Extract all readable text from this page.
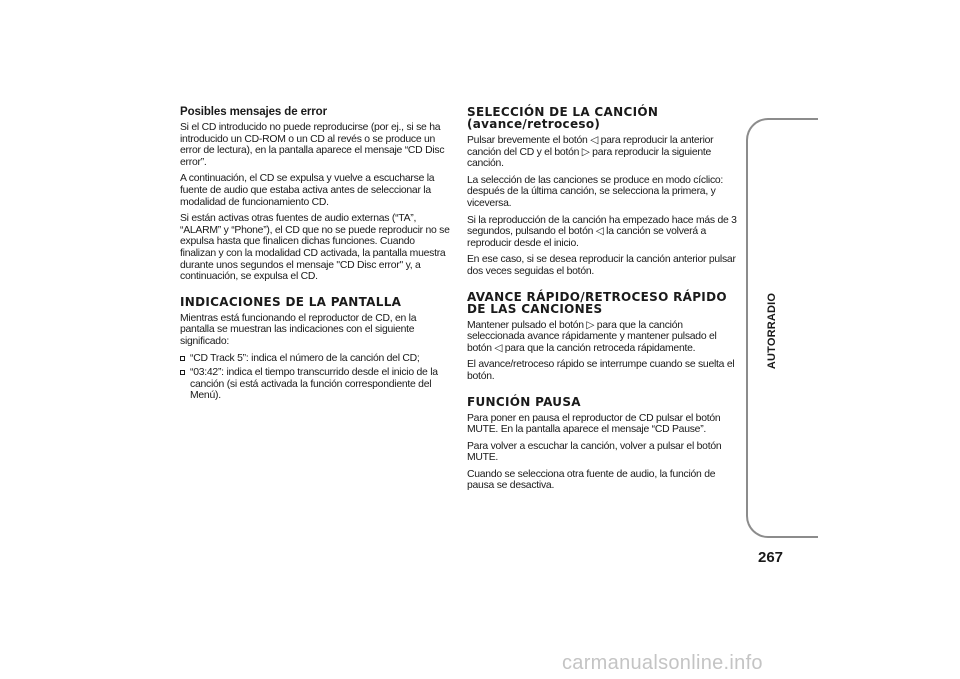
Posibles mensajes de error

Si el CD introducido no puede reproducirse (por ej., si se ha introducido un CD-ROM o un CD al revés o se produce un error de lectura), en la pantalla aparece el mensaje “CD Disc error”.

A continuación, el CD se expulsa y vuelve a escucharse la fuente de audio que estaba activa antes de seleccionar la modalidad de funcionamiento CD.

Si están activas otras fuentes de audio externas (“TA”, “ALARM” y “Phone”), el CD que no se puede reproducir no se expulsa hasta que finalicen dichas funciones. Cuando finalizan y con la modalidad CD activada, la pantalla muestra durante unos segundos el mensaje "CD Disc error" y, a continuación, se expulsa el CD.

INDICACIONES DE LA PANTALLA

Mientras está funcionando el reproductor de CD, en la pantalla se muestran las indicaciones con el siguiente significado:

“CD Track 5”: indica el número de la canción del CD;
“03:42”: indica el tiempo transcurrido desde el inicio de la canción (si está activada la función correspondiente del Menú).
SELECCIÓN DE LA CANCIÓN
(avance/retroceso)

Pulsar brevemente el botón ◁ para reproducir la anterior canción del CD y el botón ▷ para reproducir la siguiente canción.

La selección de las canciones se produce en modo cíclico: después de la última canción, se selecciona la primera, y viceversa.

Si la reproducción de la canción ha empezado hace más de 3 segundos, pulsando el botón ◁ la canción se volverá a reproducir desde el inicio.

En ese caso, si se desea reproducir la canción anterior pulsar dos veces seguidas el botón.

AVANCE RÁPIDO/RETROCESO RÁPIDO
DE LAS CANCIONES

Mantener pulsado el botón ▷ para que la canción seleccionada avance rápidamente y mantener pulsado el botón ◁ para que la canción retroceda rápidamente.

El avance/retroceso rápido se interrumpe cuando se suelta el botón.

FUNCIÓN PAUSA

Para poner en pausa el reproductor de CD pulsar el botón MUTE. En la pantalla aparece el mensaje “CD Pause”.

Para volver a escuchar la canción, volver a pulsar el botón MUTE.

Cuando se selecciona otra fuente de audio, la función de pausa se desactiva.

AUTORRADIO
267
carmanualsonline.info
